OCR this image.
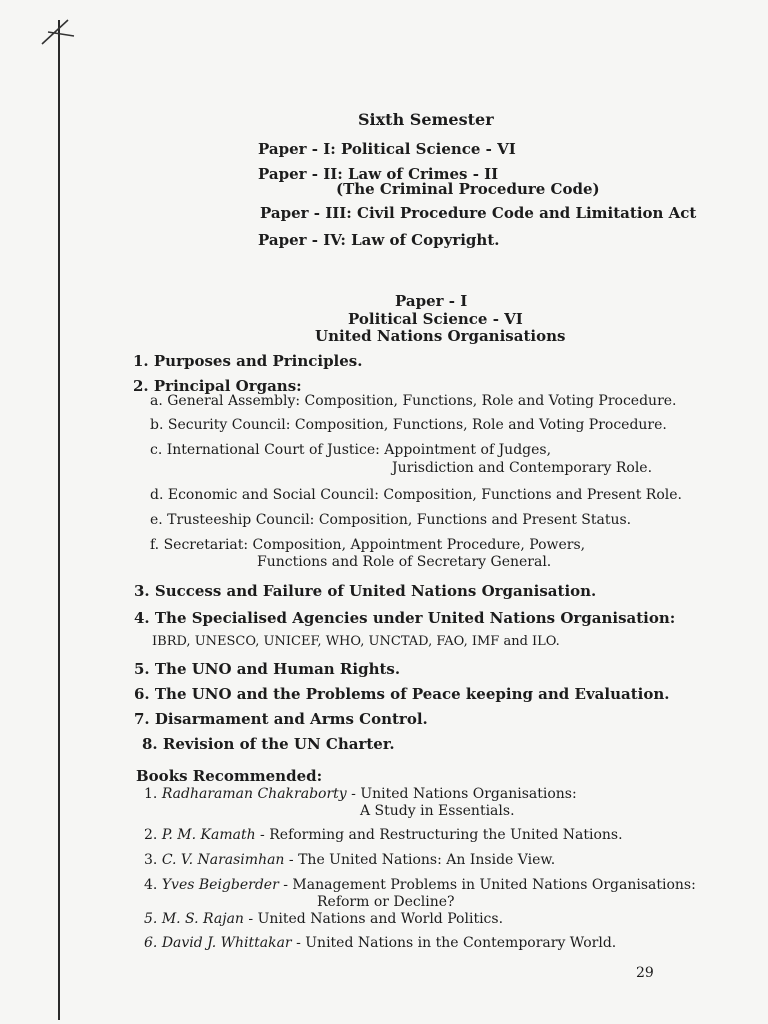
Sixth Semester
Paper - I: Political Science - VI
Paper - II: Law of Crimes - II
(The Criminal Procedure Code)
Paper - III: Civil Procedure Code and Limitation Act
Paper - IV: Law of Copyright.
Paper - I
Political Science - VI
United Nations Organisations
1. Purposes and Principles.
2. Principal Organs:
a. General Assembly: Composition, Functions, Role and Voting Procedure.
b. Security Council: Composition, Functions, Role and Voting Procedure.
c. International Court of Justice: Appointment of Judges,
Jurisdiction and Contemporary Role.
d. Economic and Social Council: Composition, Functions and Present Role.
e. Trusteeship Council: Composition, Functions and Present Status.
f. Secretariat: Composition, Appointment Procedure, Powers,
Functions and Role of Secretary General.
3. Success and Failure of United Nations Organisation.
4. The Specialised Agencies under United Nations Organisation:
IBRD, UNESCO, UNICEF, WHO, UNCTAD, FAO, IMF and ILO.
5. The UNO and Human Rights.
6. The UNO and the Problems of Peace keeping and Evaluation.
7. Disarmament and Arms Control.
8. Revision of the UN Charter.
Books Recommended:
1. Radharaman Chakraborty - United Nations Organisations:
A Study in Essentials.
2. P. M. Kamath - Reforming and Restructuring the United Nations.
3. C. V. Narasimhan - The United Nations: An Inside View.
4. Yves Beigberder - Management Problems in United Nations Organisations:
Reform or Decline?
5. M. S. Rajan - United Nations and World Politics.
6. David J. Whittakar - United Nations in the Contemporary World.
29
